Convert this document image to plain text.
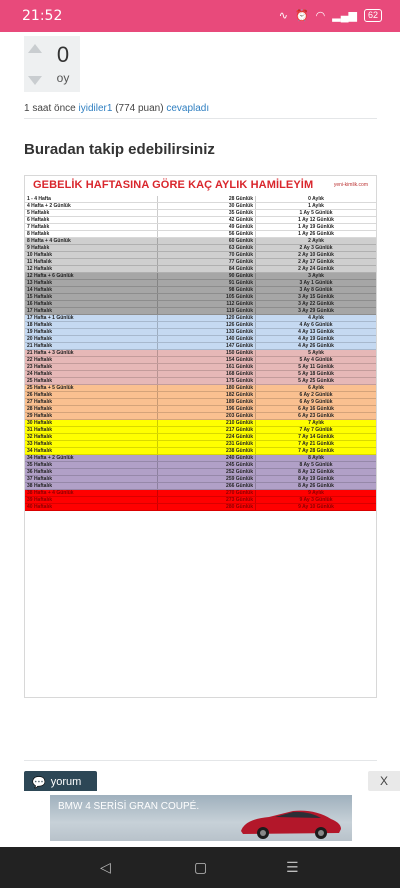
21:52	∿ ⏰ ◠ ▂▄▆	62
0
oy
1 saat önce iyidiler1 (774 puan) cevapladı
Buradan takip edebilirsiniz
GEBELİK HAFTASINA GÖRE KAÇ AYLIK HAMİLEYİM	yeni-kimlik.com
1 - 4 Hafta	28 Günlük	0 Aylık
4 Hafta + 2 Günlük	30 Günlük	1 Aylık
5 Haftalık	35 Günlük	1 Ay 5 Günlük
6 Haftalık	42 Günlük	1 Ay 12 Günlük
7 Haftalık	49 Günlük	1 Ay 19 Günlük
8 Haftalık	56 Günlük	1 Ay 26 Günlük
8 Hafta + 4 Günlük	60 Günlük	2 Aylık
9 Haftalık	63 Günlük	2 Ay 3 Günlük
10 Haftalık	70 Günlük	2 Ay 10 Günlük
11 Haftalık	77 Günlük	2 Ay 17 Günlük
12 Haftalık	84 Günlük	2 Ay 24 Günlük
12 Hafta + 6 Günlük	90 Günlük	3 Aylık
13 Haftalık	91 Günlük	3 Ay 1 Günlük
14 Haftalık	98 Günlük	3 Ay 8 Günlük
15 Haftalık	105 Günlük	3 Ay 15 Günlük
16 Haftalık	112 Günlük	3 Ay 22 Günlük
17 Haftalık	119 Günlük	3 Ay 29 Günlük
17 Hafta + 1 Günlük	120 Günlük	4 Aylık
18 Haftalık	126 Günlük	4 Ay 6 Günlük
19 Haftalık	133 Günlük	4 Ay 13 Günlük
20 Haftalık	140 Günlük	4 Ay 19 Günlük
21 Haftalık	147 Günlük	4 Ay 26 Günlük
21 Hafta + 3 Günlük	150 Günlük	5 Aylık
22 Haftalık	154 Günlük	5 Ay 4 Günlük
23 Haftalık	161 Günlük	5 Ay 11 Günlük
24 Haftalık	168 Günlük	5 Ay 18 Günlük
25 Haftalık	175 Günlük	5 Ay 25 Günlük
25 Hafta + 5 Günlük	180 Günlük	6 Aylık
26 Haftalık	182 Günlük	6 Ay 2 Günlük
27 Haftalık	189 Günlük	6 Ay 9 Günlük
28 Haftalık	196 Günlük	6 Ay 16 Günlük
29 Haftalık	203 Günlük	6 Ay 23 Günlük
30 Haftalık	210 Günlük	7 Aylık
31 Haftalık	217 Günlük	7 Ay 7 Günlük
32 Haftalık	224 Günlük	7 Ay 14 Günlük
33 Haftalık	231 Günlük	7 Ay 21 Günlük
34 Haftalık	238 Günlük	7 Ay 28 Günlük
34 Hafta + 2 Günlük	240 Günlük	8 Aylık
35 Haftalık	245 Günlük	8 Ay 5 Günlük
36 Haftalık	252 Günlük	8 Ay 12 Günlük
37 Haftalık	259 Günlük	8 Ay 19 Günlük
38 Haftalık	266 Günlük	8 Ay 26 Günlük
38 Hafta + 4 Günlük	270 Günlük	9 Aylık
39 Haftalık	273 Günlük	9 Ay 3 Günlük
40 Haftalık	280 Günlük	9 Ay 10 Günlük
💬 yorum	X
BMW 4 SERİSİ GRAN COUPÉ.
◁	▢	☰
